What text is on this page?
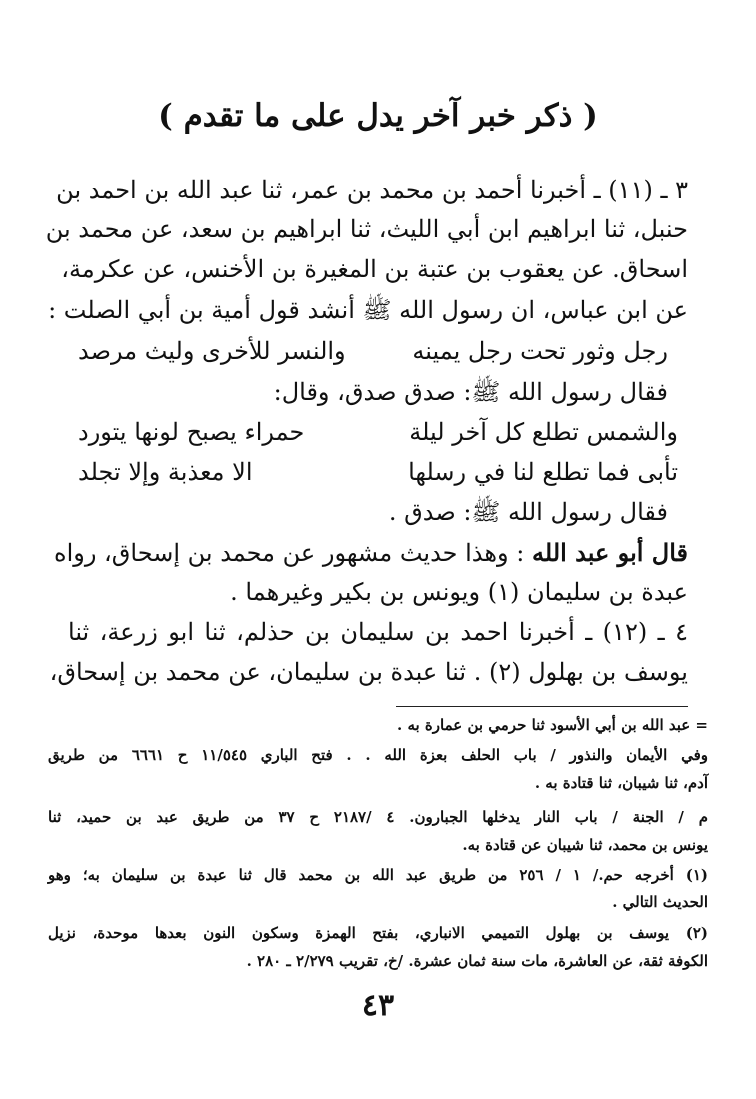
( ذكر خبر آخر يدل على ما تقدم )
٣ ـ (١١) ـ أخبرنا أحمد بن محمد بن عمر، ثنا عبد الله بن احمد بن
حنبل، ثنا ابراهيم ابن أبي الليث، ثنا ابراهيم بن سعد، عن محمد بن
اسحاق. عن يعقوب بن عتبة بن المغيرة بن الأخنس، عن عكرمة،
عن ابن عباس، ان رسول الله ﷺ أنشد قول أمية بن أبي الصلت :
رجل وثور تحت رجل يمينه
والنسر للأخرى وليث مرصد
فقال رسول الله ﷺ: صدق صدق، وقال:
والشمس تطلع كل آخر ليلة
حمراء يصبح لونها يتورد
تأبى فما تطلع لنا في رسلها
الا معذبة وإلا تجلد
فقال رسول الله ﷺ: صدق .
قال أبو عبد الله : وهذا حديث مشهور عن محمد بن إسحاق، رواه
عبدة بن سليمان (١) ويونس بن بكير وغيرهما .
٤ ـ (١٢) ـ أخبرنا احمد بن سليمان بن حذلم، ثنا ابو زرعة، ثنا
يوسف بن بهلول (٢) . ثنا عبدة بن سليمان، عن محمد بن إسحاق،
= عبد الله بن أبي الأسود ثنا حرمي بن عمارة به .
وفي الأيمان والنذور / باب الحلف بعزة الله . . فتح الباري ١١/٥٤٥ ح ٦٦٦١ من طريق
آدم، ثنا شيبان، ثنا قتادة به .
م / الجنة / باب النار يدخلها الجبارون. ٤ /٢١٨٧ ح ٣٧ من طريق عبد بن حميد، ثنا
يونس بن محمد، ثنا شيبان عن قتادة به.
(١) أخرجه حم./ ١ / ٢٥٦ من طريق عبد الله بن محمد قال ثنا عبدة بن سليمان به؛ وهو
الحديث التالي .
(٢) يوسف بن بهلول التميمي الانباري، بفتح الهمزة وسكون النون بعدها موحدة، نزيل
الكوفة ثقة، عن العاشرة، مات سنة ثمان عشرة. /خ، تقريب ٢/٢٧٩ ـ ٢٨٠ .
٤٣
